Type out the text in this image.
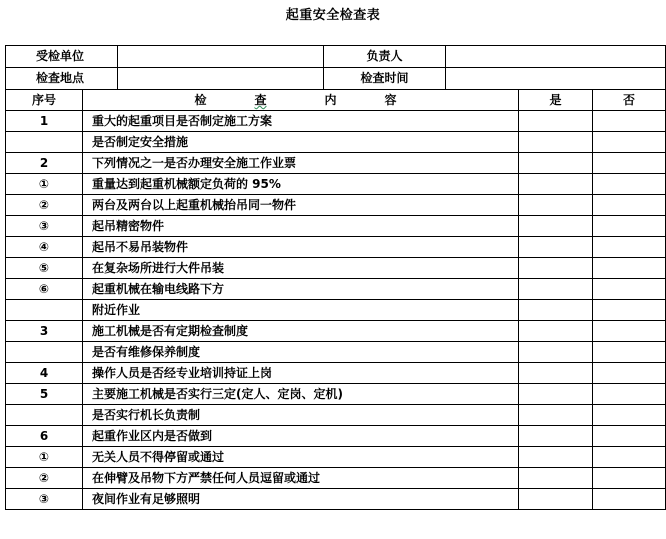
起重安全检查表
受检单位			负责人			
检查地点			检查时间			
序号	检 查 内 容				是	否
1	重大的起重项目是否制定施工方案					
	是否制定安全措施					
2	下列情况之一是否办理安全施工作业票					
①	重量达到起重机械额定负荷的 95%					
②	两台及两台以上起重机械抬吊同一物件					
③	起吊精密物件					
④	起吊不易吊装物件					
⑤	在复杂场所进行大件吊装					
⑥	起重机械在输电线路下方					
	附近作业					
3	施工机械是否有定期检查制度					
	是否有维修保养制度					
4	操作人员是否经专业培训持证上岗					
5	主要施工机械是否实行三定(定人、定岗、定机)					
	是否实行机长负责制					
6	起重作业区内是否做到					
①	无关人员不得停留或通过					
②	在伸臂及吊物下方严禁任何人员逗留或通过					
③	夜间作业有足够照明					
